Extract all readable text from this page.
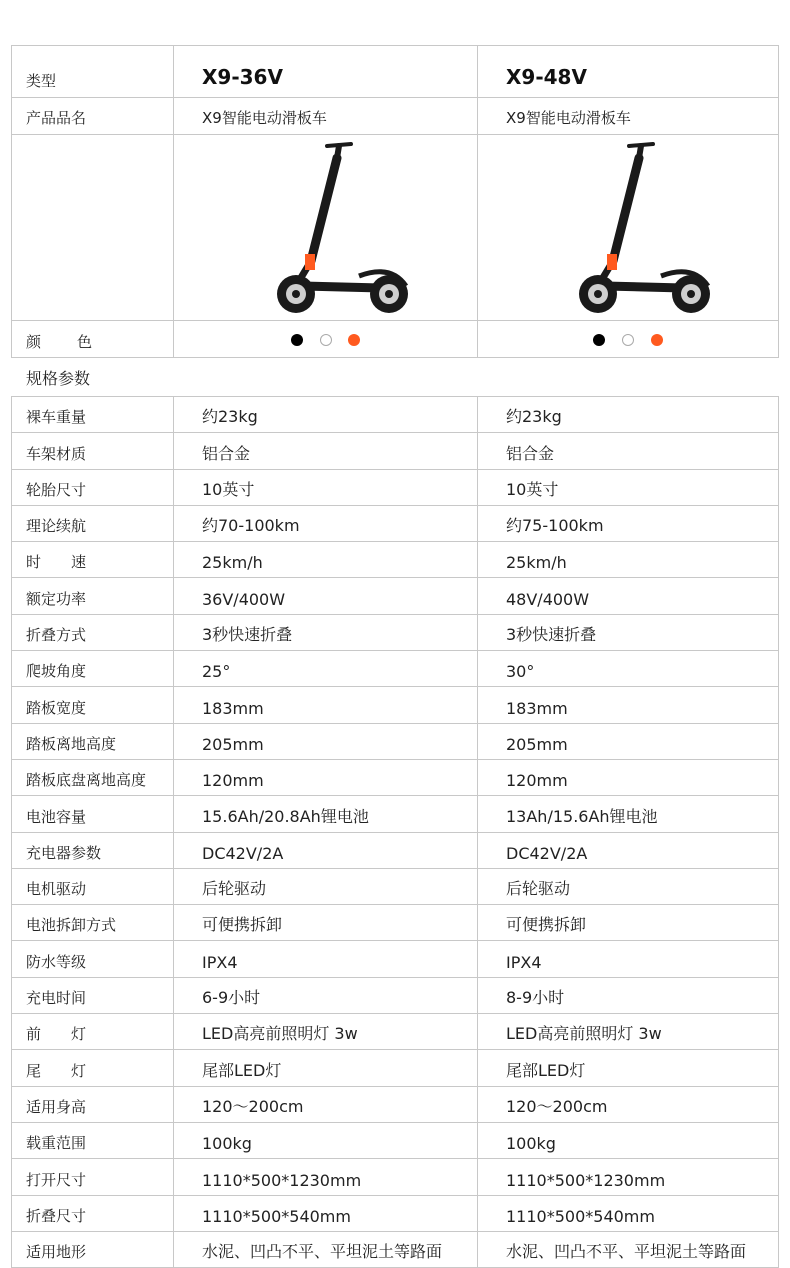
类型	X9-36V	X9-48V
产品品名	X9智能电动滑板车	X9智能电动滑板车

颜　　色		
规格参数
裸车重量	约23kg	约23kg
车架材质	铝合金	铝合金
轮胎尺寸	10英寸	10英寸
理论续航	约70-100km	约75-100km
时　　速	25km/h	25km/h
额定功率	36V/400W	48V/400W
折叠方式	3秒快速折叠	3秒快速折叠
爬坡角度	25°	30°
踏板宽度	183mm	183mm
踏板离地高度	205mm	205mm
踏板底盘离地高度	120mm	120mm
电池容量	15.6Ah/20.8Ah锂电池	13Ah/15.6Ah锂电池
充电器参数	DC42V/2A	DC42V/2A
电机驱动	后轮驱动	后轮驱动
电池拆卸方式	可便携拆卸	可便携拆卸
防水等级	IPX4	IPX4
充电时间	6-9小时	8-9小时
前　　灯	LED高亮前照明灯 3w	LED高亮前照明灯 3w
尾　　灯	尾部LED灯	尾部LED灯
适用身高	120～200cm	120～200cm
载重范围	100kg	100kg
打开尺寸	1110*500*1230mm	1110*500*1230mm
折叠尺寸	1110*500*540mm	1110*500*540mm
适用地形	水泥、凹凸不平、平坦泥土等路面	水泥、凹凸不平、平坦泥土等路面
